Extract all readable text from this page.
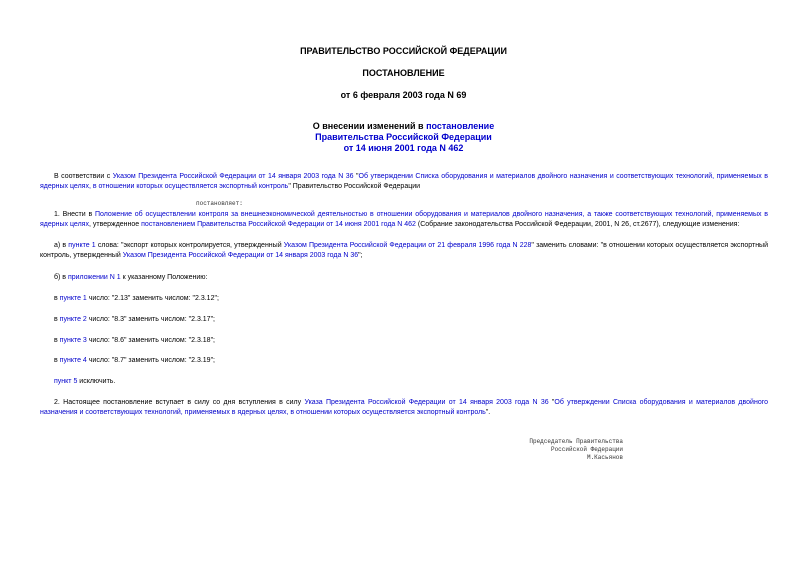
ПРАВИТЕЛЬСТВО РОССИЙСКОЙ ФЕДЕРАЦИИ
ПОСТАНОВЛЕНИЕ
от 6 февраля 2003 года N 69
О внесении изменений в постановление
Правительства Российской Федерации
от 14 июня 2001 года N 462

В соответствии с Указом Президента Российской Федерации от 14 января 2003 года N 36 "Об утверждении Списка оборудования и материалов двойного назначения и соответствующих технологий, применяемых в ядерных целях, в отношении которых осуществляется экспортный контроль" Правительство Российской Федерации

постановляет:

1. Внести в Положение об осуществлении контроля за внешнеэкономической деятельностью в отношении оборудования и материалов двойного назначения, а также соответствующих технологий, применяемых в ядерных целях, утвержденное постановлением Правительства Российской Федерации от 14 июня 2001 года N 462 (Собрание законодательства Российской Федерации, 2001, N 26, ст.2677), следующие изменения:

а) в пункте 1 слова: "экспорт которых контролируется, утвержденный Указом Президента Российской Федерации от 21 февраля 1996 года N 228" заменить словами: "в отношении которых осуществляется экспортный контроль, утвержденный Указом Президента Российской Федерации от 14 января 2003 года N 36";

б) в приложении N 1 к указанному Положению:

в пункте 1 число: "2.13" заменить числом: "2.3.12";

в пункте 2 число: "8.3" заменить числом: "2.3.17";

в пункте 3 число: "8.6" заменить числом: "2.3.18";

в пункте 4 число: "8.7" заменить числом: "2.3.19";

пункт 5 исключить.

2. Настоящее постановление вступает в силу со дня вступления в силу Указа Президента Российской Федерации от 14 января 2003 года N 36 "Об утверждении Списка оборудования и материалов двойного назначения и соответствующих технологий, применяемых в ядерных целях, в отношении которых осуществляется экспортный контроль".

Председатель Правительства
Российской Федерации
М.Касьянов
